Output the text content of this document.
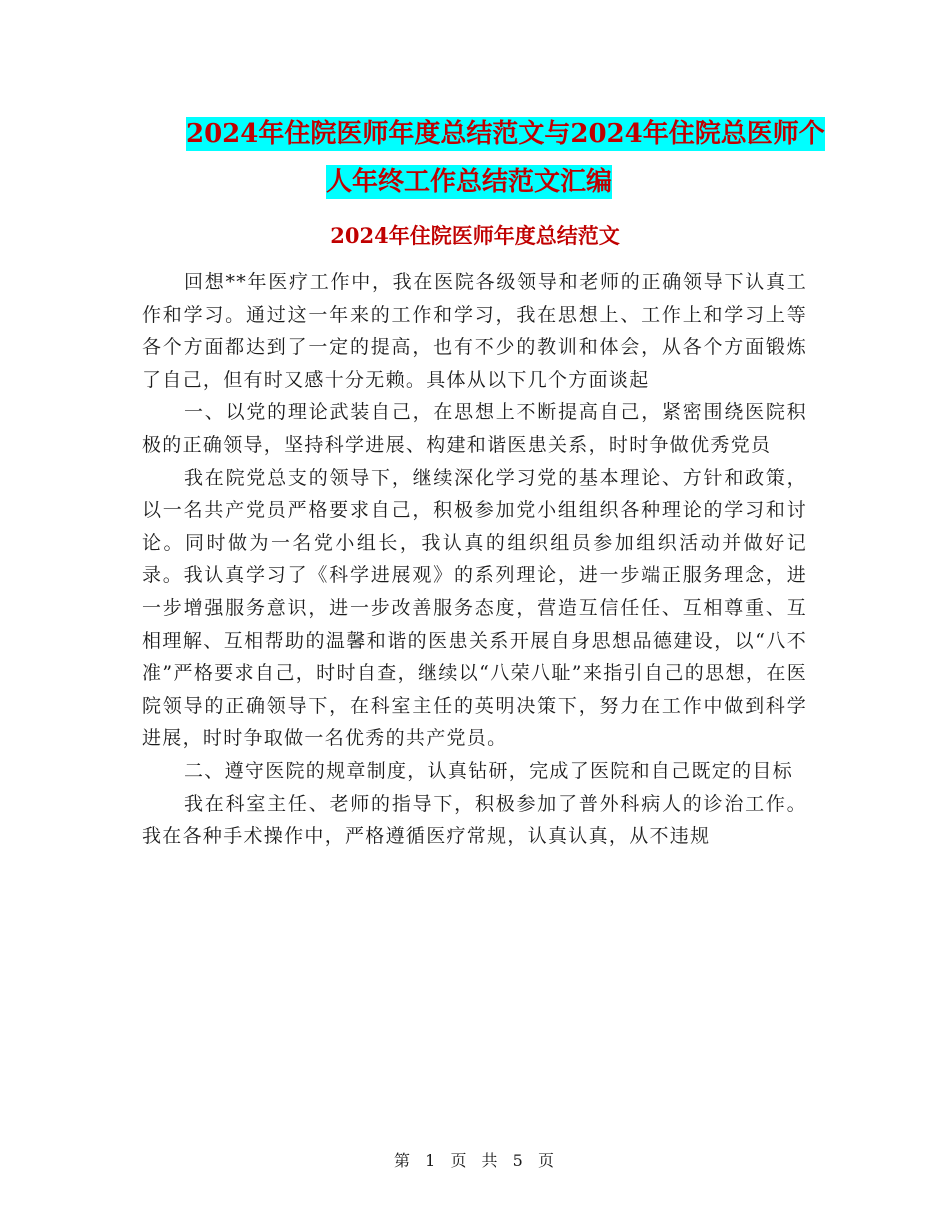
2024年住院医师年度总结范文与2024年住院总医师个
人年终工作总结范文汇编
2024年住院医师年度总结范文

回想**年医疗工作中，我在医院各级领导和老师的正确领导下认真工作和学习。通过这一年来的工作和学习，我在思想上、工作上和学习上等各个方面都达到了一定的提高，也有不少的教训和体会，从各个方面锻炼了自己，但有时又感十分无赖。具体从以下几个方面谈起

一、以党的理论武装自己，在思想上不断提高自己，紧密围绕医院积极的正确领导，坚持科学进展、构建和谐医患关系，时时争做优秀党员

我在院党总支的领导下，继续深化学习党的基本理论、方针和政策，以一名共产党员严格要求自己，积极参加党小组组织各种理论的学习和讨论。同时做为一名党小组长，我认真的组织组员参加组织活动并做好记录。我认真学习了《科学进展观》的系列理论，进一步端正服务理念，进一步增强服务意识，进一步改善服务态度，营造互信任任、互相尊重、互相理解、互相帮助的温馨和谐的医患关系开展自身思想品德建设，以“八不准”严格要求自己，时时自查，继续以“八荣八耻”来指引自己的思想，在医院领导的正确领导下，在科室主任的英明决策下，努力在工作中做到科学进展，时时争取做一名优秀的共产党员。

二、遵守医院的规章制度，认真钻研，完成了医院和自己既定的目标

我在科室主任、老师的指导下，积极参加了普外科病人的诊治工作。我在各种手术操作中，严格遵循医疗常规，认真认真，从不违规

第 1 页 共 5 页
